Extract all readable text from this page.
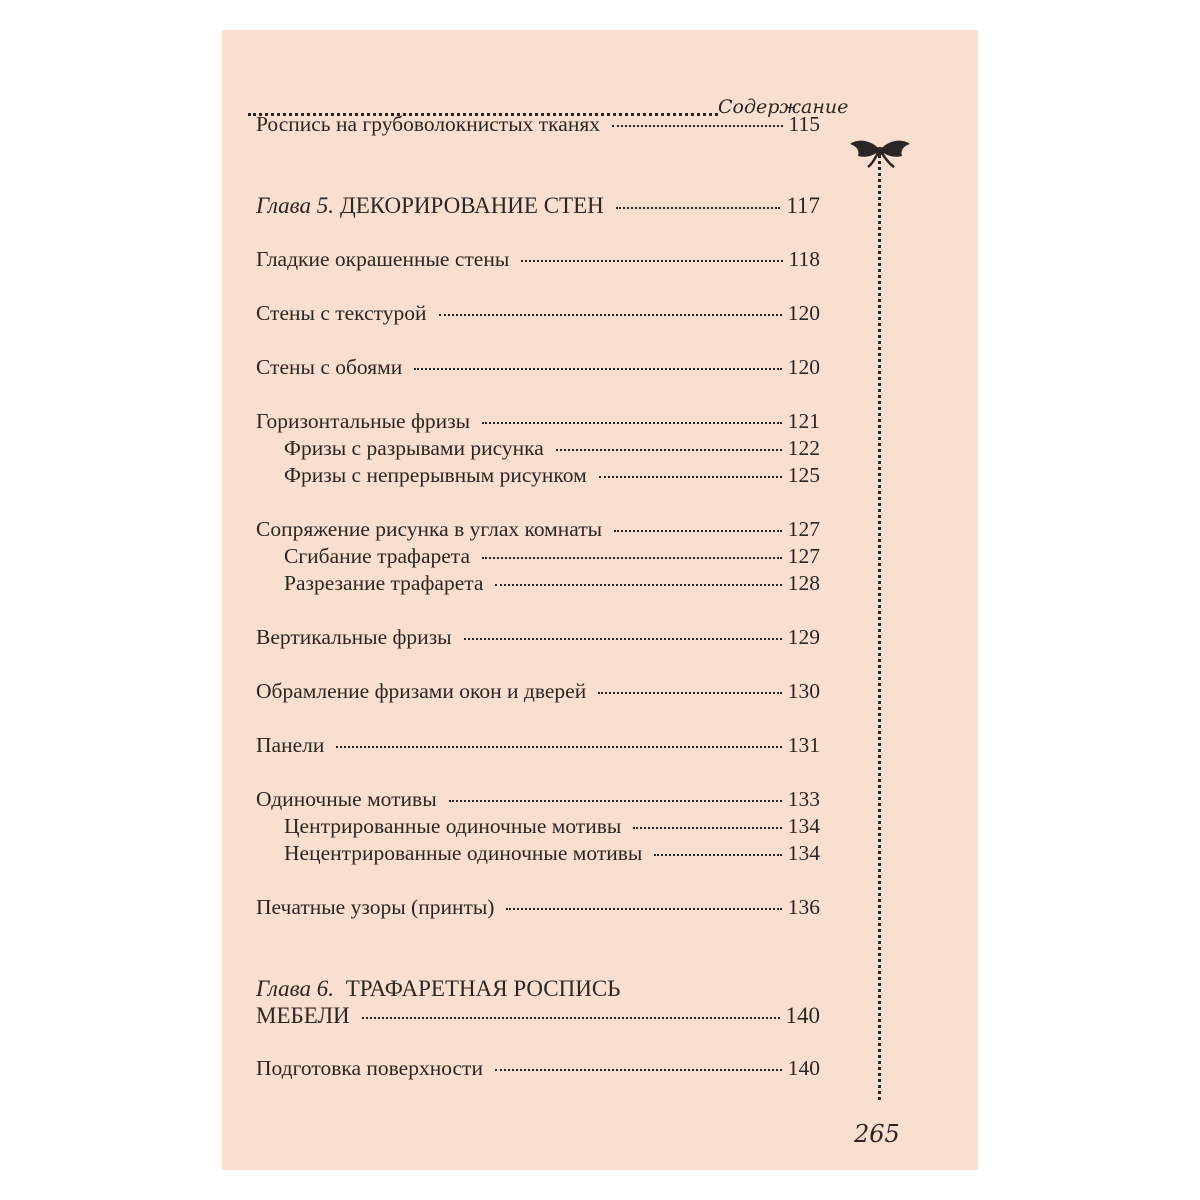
Содержание
Роспись на грубоволокнистых тканях	115
Глава 5. ДЕКОРИРОВАНИЕ СТЕН	117
Гладкие окрашенные стены	118
Стены с текстурой	120
Стены с обоями	120
Горизонтальные фризы	121
Фризы с разрывами рисунка	122
Фризы с непрерывным рисунком	125
Сопряжение рисунка в углах комнаты	127
Сгибание трафарета	127
Разрезание трафарета	128
Вертикальные фризы	129
Обрамление фризами окон и дверей	130
Панели	131
Одиночные мотивы	133
Центрированные одиночные мотивы	134
Нецентрированные одиночные мотивы	134
Печатные узоры (принты)	136
Глава 6. ТРАФАРЕТНАЯ РОСПИСЬ
МЕБЕЛИ	140
Подготовка поверхности	140
265
